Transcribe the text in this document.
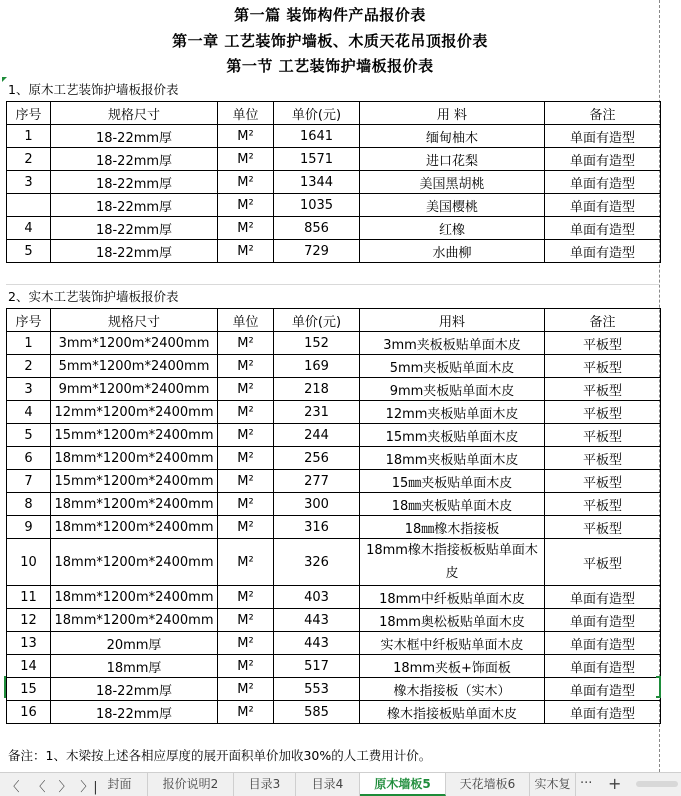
第一篇 装饰构件产品报价表
第一章 工艺装饰护墙板、木质天花吊顶报价表
第一节 工艺装饰护墙板报价表
1、原木工艺装饰护墙板报价表
序号	规格尺寸	单位	单价(元)	用 料	备注
1	18-22mm厚	M²	1641	缅甸柚木	单面有造型
2	18-22mm厚	M²	1571	进口花梨	单面有造型
3	18-22mm厚	M²	1344	美国黑胡桃	单面有造型
	18-22mm厚	M²	1035	美国樱桃	单面有造型
4	18-22mm厚	M²	856	红橡	单面有造型
5	18-22mm厚	M²	729	水曲柳	单面有造型
2、实木工艺装饰护墙板报价表
序号	规格尺寸	单位	单价(元)	用料	备注
1	3mm*1200m*2400mm	M²	152	3mm夹板板贴单面木皮	平板型
2	5mm*1200m*2400mm	M²	169	5mm夹板贴单面木皮	平板型
3	9mm*1200m*2400mm	M²	218	9mm夹板贴单面木皮	平板型
4	12mm*1200m*2400mm	M²	231	12mm夹板贴单面木皮	平板型
5	15mm*1200m*2400mm	M²	244	15mm夹板贴单面木皮	平板型
6	18mm*1200m*2400mm	M²	256	18mm夹板贴单面木皮	平板型
7	15mm*1200m*2400mm	M²	277	15㎜夹板贴单面木皮	平板型
8	18mm*1200m*2400mm	M²	300	18㎜夹板贴单面木皮	平板型
9	18mm*1200m*2400mm	M²	316	18㎜橡木指接板	平板型
10	18mm*1200m*2400mm	M²	326	18mm橡木指接板板贴单面木皮	平板型
11	18mm*1200m*2400mm	M²	403	18mm中纤板贴单面木皮	单面有造型
12	18mm*1200m*2400mm	M²	443	18mm奥松板贴单面木皮	单面有造型
13	20mm厚	M²	443	实木框中纤板贴单面木皮	单面有造型
14	18mm厚	M²	517	18mm夹板+饰面板	单面有造型
15	18-22mm厚	M²	553	橡木指接板（实木）	单面有造型
16	18-22mm厚	M²	585	橡木指接板贴单面木皮	单面有造型
备注：1、木梁按上述各相应厚度的展开面积单价加收30%的人工费用计价。
〈 〈 〉 〉| 封面	报价说明2	目录3	目录4	原木墙板5	天花墙板6	实木复 ··· +
